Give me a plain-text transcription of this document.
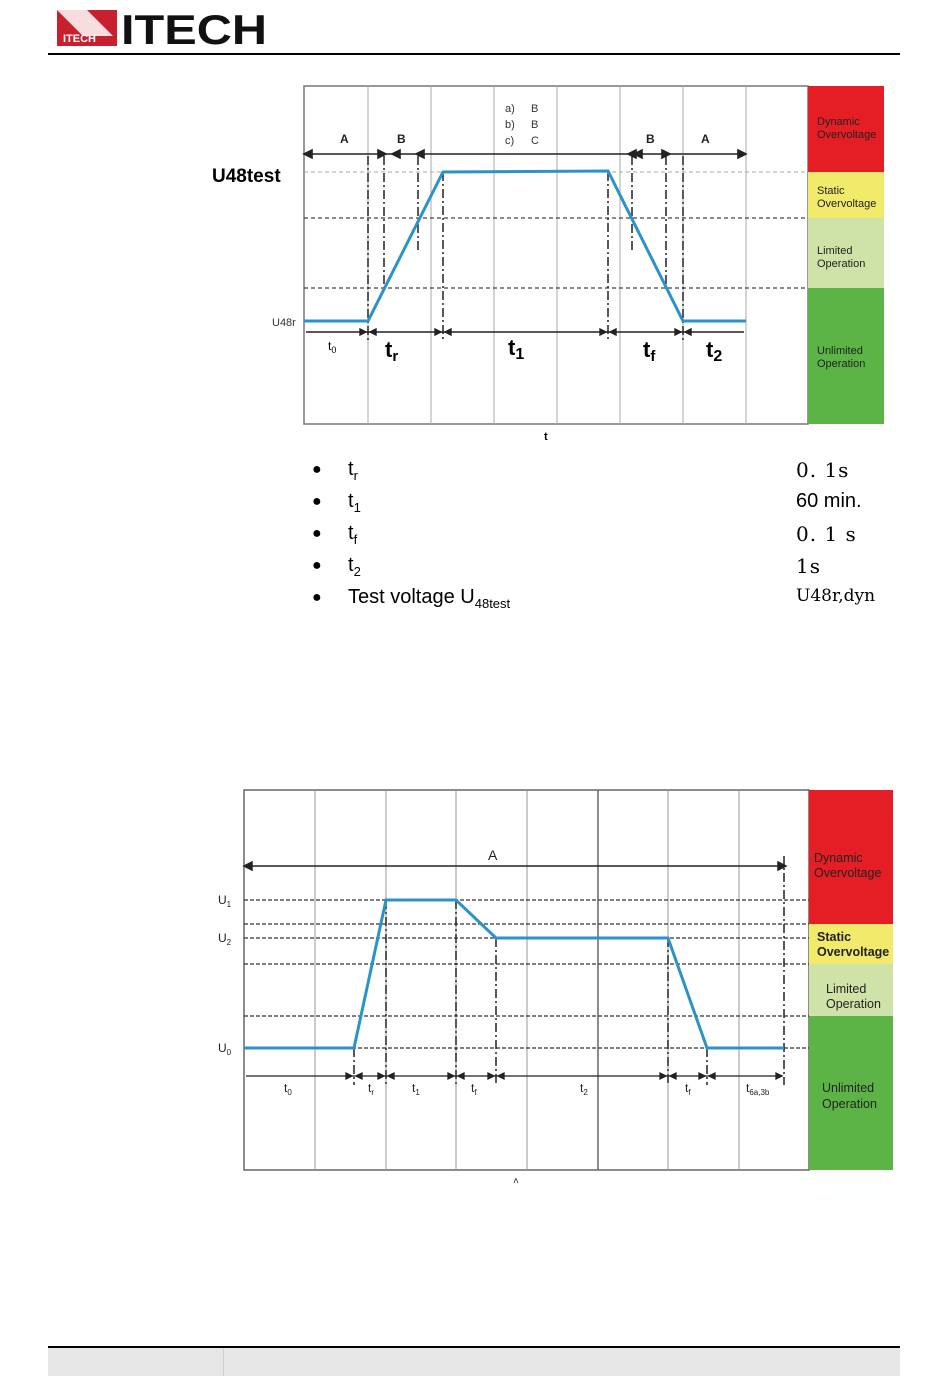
ITECH ITECH
Dynamic
Overvoltage
Static
Overvoltage
Limited
Operation
Unlimited
Operation
A	B	B	A
a) B
b) B
c) C
U48test
U48r
$t_0$ tr	t1	tf t2
t
● $t_r$	0. 1s
● $t_1$	60 min.
● $t_f$	0. 1 s
● $t_2$	1s
● Test voltage $U_{48test}$	U48r,dyn
Dynamic
Overvoltage
Static
Overvoltage
Limited
Operation
Unlimited
Operation
A
$U_1$
$U_2$
$U_0$
$t_0$	$t_r$	$t_1$	$t_f$	$t_2$	$t_f$	$t_{6a,3b}$
˄
